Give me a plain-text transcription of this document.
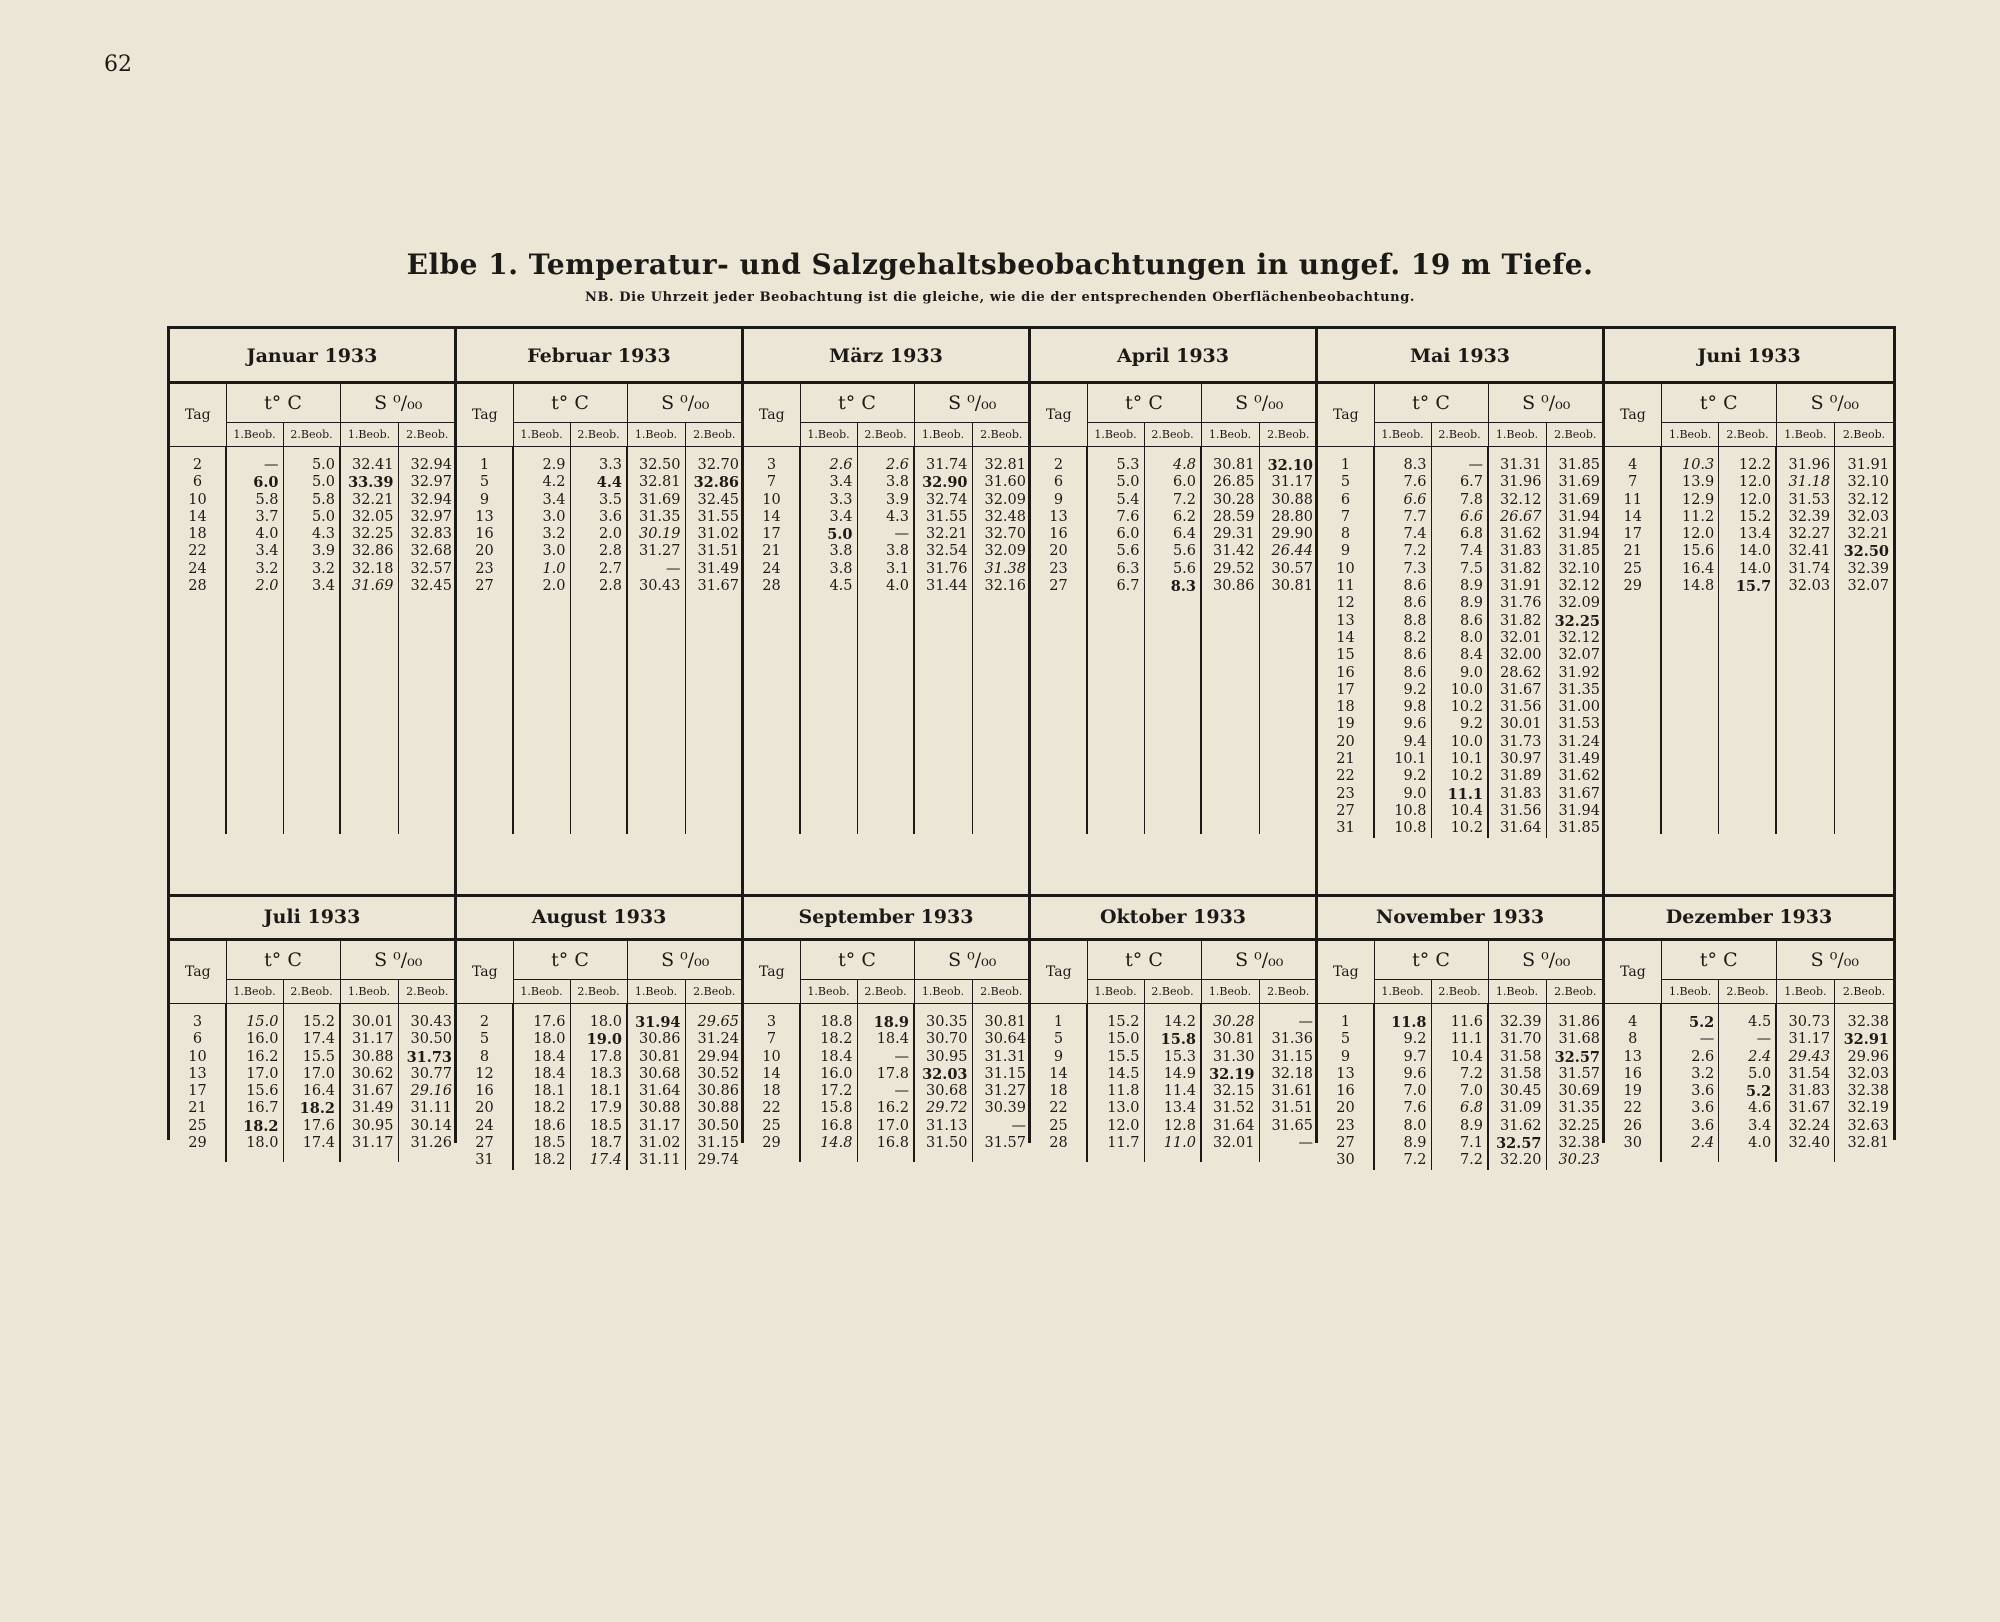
62
Elbe 1. Temperatur- und Salzgehaltsbeobachtungen in ungef. 19 m Tiefe.
NB. Die Uhrzeit jeder Beobachtung ist die gleiche, wie die der entsprechenden Oberflächenbeobachtung.
Januar 1933
Tag	t° C		S ⁰/₀₀	
	1.Beob.	2.Beob.	1.Beob.	2.Beob.
2	—	5.0	32.41	32.94
6	6.0	5.0	33.39	32.97
10	5.8	5.8	32.21	32.94
14	3.7	5.0	32.05	32.97
18	4.0	4.3	32.25	32.83
22	3.4	3.9	32.86	32.68
24	3.2	3.2	32.18	32.57
28	2.0	3.4	31.69	32.45

Februar 1933
Tag	t° C		S ⁰/₀₀	
	1.Beob.	2.Beob.	1.Beob.	2.Beob.
1	2.9	3.3	32.50	32.70
5	4.2	4.4	32.81	32.86
9	3.4	3.5	31.69	32.45
13	3.0	3.6	31.35	31.55
16	3.2	2.0	30.19	31.02
20	3.0	2.8	31.27	31.51
23	1.0	2.7	—	31.49
27	2.0	2.8	30.43	31.67

März 1933
Tag	t° C		S ⁰/₀₀	
	1.Beob.	2.Beob.	1.Beob.	2.Beob.
3	2.6	2.6	31.74	32.81
7	3.4	3.8	32.90	31.60
10	3.3	3.9	32.74	32.09
14	3.4	4.3	31.55	32.48
17	5.0	—	32.21	32.70
21	3.8	3.8	32.54	32.09
24	3.8	3.1	31.76	31.38
28	4.5	4.0	31.44	32.16

April 1933
Tag	t° C		S ⁰/₀₀	
	1.Beob.	2.Beob.	1.Beob.	2.Beob.
2	5.3	4.8	30.81	32.10
6	5.0	6.0	26.85	31.17
9	5.4	7.2	30.28	30.88
13	7.6	6.2	28.59	28.80
16	6.0	6.4	29.31	29.90
20	5.6	5.6	31.42	26.44
23	6.3	5.6	29.52	30.57
27	6.7	8.3	30.86	30.81

Mai 1933
Tag	t° C		S ⁰/₀₀	
	1.Beob.	2.Beob.	1.Beob.	2.Beob.
1	8.3	—	31.31	31.85
5	7.6	6.7	31.96	31.69
6	6.6	7.8	32.12	31.69
7	7.7	6.6	26.67	31.94
8	7.4	6.8	31.62	31.94
9	7.2	7.4	31.83	31.85
10	7.3	7.5	31.82	32.10
11	8.6	8.9	31.91	32.12
12	8.6	8.9	31.76	32.09
13	8.8	8.6	31.82	32.25
14	8.2	8.0	32.01	32.12
15	8.6	8.4	32.00	32.07
16	8.6	9.0	28.62	31.92
17	9.2	10.0	31.67	31.35
18	9.8	10.2	31.56	31.00
19	9.6	9.2	30.01	31.53
20	9.4	10.0	31.73	31.24
21	10.1	10.1	30.97	31.49
22	9.2	10.2	31.89	31.62
23	9.0	11.1	31.83	31.67
27	10.8	10.4	31.56	31.94
31	10.8	10.2	31.64	31.85

Juni 1933
Tag	t° C		S ⁰/₀₀	
	1.Beob.	2.Beob.	1.Beob.	2.Beob.
4	10.3	12.2	31.96	31.91
7	13.9	12.0	31.18	32.10
11	12.9	12.0	31.53	32.12
14	11.2	15.2	32.39	32.03
17	12.0	13.4	32.27	32.21
21	15.6	14.0	32.41	32.50
25	16.4	14.0	31.74	32.39
29	14.8	15.7	32.03	32.07

Juli 1933
Tag	t° C		S ⁰/₀₀	
	1.Beob.	2.Beob.	1.Beob.	2.Beob.
3	15.0	15.2	30.01	30.43
6	16.0	17.4	31.17	30.50
10	16.2	15.5	30.88	31.73
13	17.0	17.0	30.62	30.77
17	15.6	16.4	31.67	29.16
21	16.7	18.2	31.49	31.11
25	18.2	17.6	30.95	30.14
29	18.0	17.4	31.17	31.26

August 1933
Tag	t° C		S ⁰/₀₀	
	1.Beob.	2.Beob.	1.Beob.	2.Beob.
2	17.6	18.0	31.94	29.65
5	18.0	19.0	30.86	31.24
8	18.4	17.8	30.81	29.94
12	18.4	18.3	30.68	30.52
16	18.1	18.1	31.64	30.86
20	18.2	17.9	30.88	30.88
24	18.6	18.5	31.17	30.50
27	18.5	18.7	31.02	31.15
31	18.2	17.4	31.11	29.74

September 1933
Tag	t° C		S ⁰/₀₀	
	1.Beob.	2.Beob.	1.Beob.	2.Beob.
3	18.8	18.9	30.35	30.81
7	18.2	18.4	30.70	30.64
10	18.4	—	30.95	31.31
14	16.0	17.8	32.03	31.15
18	17.2	—	30.68	31.27
22	15.8	16.2	29.72	30.39
25	16.8	17.0	31.13	—
29	14.8	16.8	31.50	31.57

Oktober 1933
Tag	t° C		S ⁰/₀₀	
	1.Beob.	2.Beob.	1.Beob.	2.Beob.
1	15.2	14.2	30.28	—
5	15.0	15.8	30.81	31.36
9	15.5	15.3	31.30	31.15
14	14.5	14.9	32.19	32.18
18	11.8	11.4	32.15	31.61
22	13.0	13.4	31.52	31.51
25	12.0	12.8	31.64	31.65
28	11.7	11.0	32.01	—

November 1933
Tag	t° C		S ⁰/₀₀	
	1.Beob.	2.Beob.	1.Beob.	2.Beob.
1	11.8	11.6	32.39	31.86
5	9.2	11.1	31.70	31.68
9	9.7	10.4	31.58	32.57
13	9.6	7.2	31.58	31.57
16	7.0	7.0	30.45	30.69
20	7.6	6.8	31.09	31.35
23	8.0	8.9	31.62	32.25
27	8.9	7.1	32.57	32.38
30	7.2	7.2	32.20	30.23

Dezember 1933
Tag	t° C		S ⁰/₀₀	
	1.Beob.	2.Beob.	1.Beob.	2.Beob.
4	5.2	4.5	30.73	32.38
8	—	—	31.17	32.91
13	2.6	2.4	29.43	29.96
16	3.2	5.0	31.54	32.03
19	3.6	5.2	31.83	32.38
22	3.6	4.6	31.67	32.19
26	3.6	3.4	32.24	32.63
30	2.4	4.0	32.40	32.81
